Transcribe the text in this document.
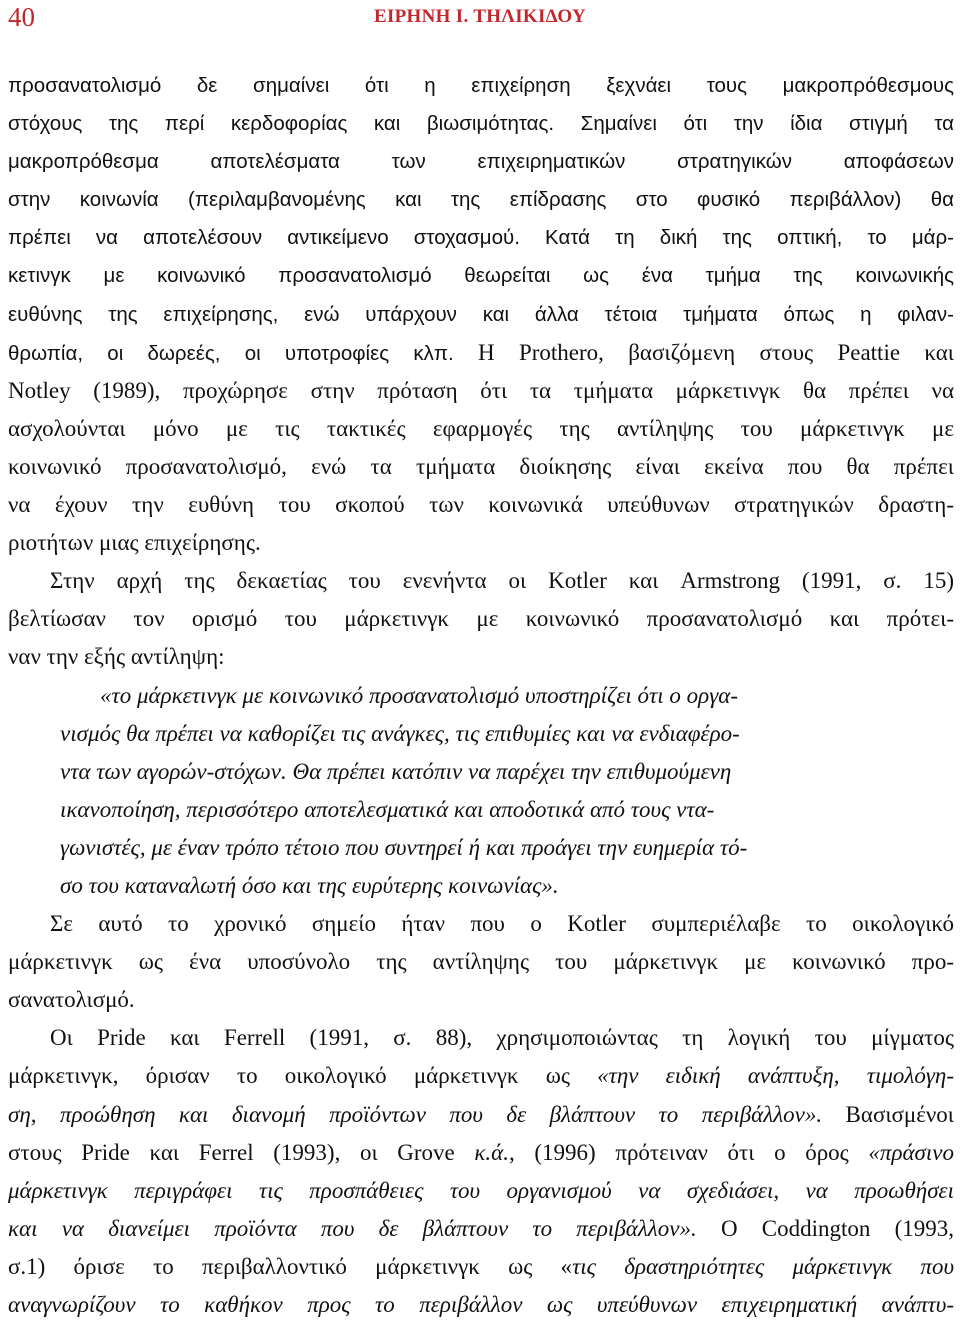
40	ΕΙΡΗΝΗ Ι. ΤΗΛΙΚΙΔΟΥ
προσανατολισμό δε σημαίνει ότι η επιχείρηση ξεχνάει τους μακροπρόθεσμους
στόχους της περί κερδοφορίας και βιωσιμότητας. Σημαίνει ότι την ίδια στιγμή τα
μακροπρόθεσμα αποτελέσματα των επιχειρηματικών στρατηγικών αποφάσεων
στην κοινωνία (περιλαμβανομένης και της επίδρασης στο φυσικό περιβάλλον) θα
πρέπει να αποτελέσουν αντικείμενο στοχασμού. Κατά τη δική της οπτική, το μάρ-
κετινγκ με κοινωνικό προσανατολισμό θεωρείται ως ένα τμήμα της κοινωνικής
ευθύνης της επιχείρησης, ενώ υπάρχουν και άλλα τέτοια τμήματα όπως η φιλαν-
θρωπία, οι δωρεές, οι υποτροφίες κλπ. Η Prothero, βασιζόμενη στους Peattie και
Notley (1989), προχώρησε στην πρόταση ότι τα τμήματα μάρκετινγκ θα πρέπει να
ασχολούνται μόνο με τις τακτικές εφαρμογές της αντίληψης του μάρκετινγκ με
κοινωνικό προσανατολισμό, ενώ τα τμήματα διοίκησης είναι εκείνα που θα πρέπει
να έχουν την ευθύνη του σκοπού των κοινωνικά υπεύθυνων στρατηγικών δραστη-
ριοτήτων μιας επιχείρησης.
Στην αρχή της δεκαετίας του ενενήντα οι Kotler και Armstrong (1991, σ. 15)
βελτίωσαν τον ορισμό του μάρκετινγκ με κοινωνικό προσανατολισμό και πρότει-
ναν την εξής αντίληψη:
«το μάρκετινγκ με κοινωνικό προσανατολισμό υποστηρίζει ότι ο οργα-
νισμός θα πρέπει να καθορίζει τις ανάγκες, τις επιθυμίες και να ενδιαφέρο-
ντα των αγορών-στόχων. Θα πρέπει κατόπιν να παρέχει την επιθυμούμενη
ικανοποίηση, περισσότερο αποτελεσματικά και αποδοτικά από τους ντα-
γωνιστές, με έναν τρόπο τέτοιο που συντηρεί ή και προάγει την ευημερία τό-
σο του καταναλωτή όσο και της ευρύτερης κοινωνίας».
Σε αυτό το χρονικό σημείο ήταν που ο Kotler συμπεριέλαβε το οικολογικό
μάρκετινγκ ως ένα υποσύνολο της αντίληψης του μάρκετινγκ με κοινωνικό προ-
σανατολισμό.
Οι Pride και Ferrell (1991, σ. 88), χρησιμοποιώντας τη λογική του μίγματος
μάρκετινγκ, όρισαν το οικολογικό μάρκετινγκ ως «την ειδική ανάπτυξη, τιμολόγη-
ση, προώθηση και διανομή προϊόντων που δε βλάπτουν το περιβάλλον». Βασισμένοι
στους Pride και Ferrel (1993), οι Grove κ.ά., (1996) πρότειναν ότι ο όρος «πράσινο
μάρκετινγκ περιγράφει τις προσπάθειες του οργανισμού να σχεδιάσει, να προωθήσει
και να διανείμει προϊόντα που δε βλάπτουν το περιβάλλον». Ο Coddington (1993,
σ.1) όρισε το περιβαλλοντικό μάρκετινγκ ως «τις δραστηριότητες μάρκετινγκ που
αναγνωρίζουν το καθήκον προς το περιβάλλον ως υπεύθυνων επιχειρηματική ανάπτυ-
